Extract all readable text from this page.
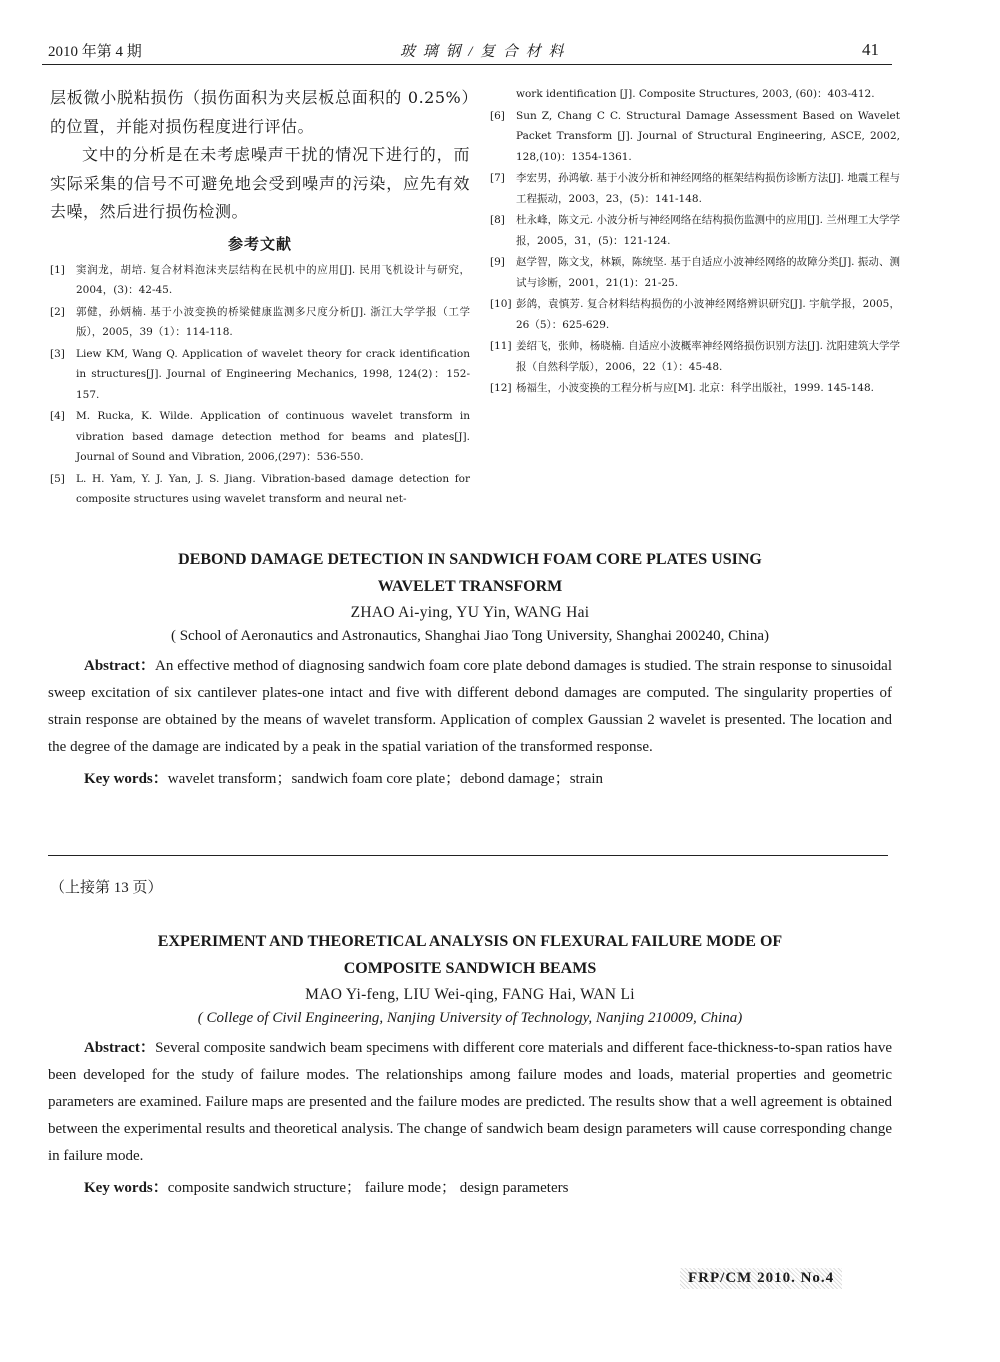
2010 年第 4 期	玻 璃 钢 / 复 合 材 料	41

层板微小脱粘损伤（损伤面积为夹层板总面积的 0.25%）的位置，并能对损伤程度进行评估。

文中的分析是在未考虑噪声干扰的情况下进行的，而实际采集的信号不可避免地会受到噪声的污染，应先有效去噪，然后进行损伤检测。

参考文献

[1] 窦润龙，胡培. 复合材料泡沫夹层结构在民机中的应用[J]. 民用飞机设计与研究，2004，(3)：42-45.

[2] 郭健，孙炳楠. 基于小波变换的桥梁健康监测多尺度分析[J]. 浙江大学学报（工学版），2005，39（1）：114-118.

[3] Liew KM, Wang Q. Application of wavelet theory for crack identification in structures[J]. Journal of Engineering Mechanics, 1998, 124(2)：152-157.

[4] M. Rucka, K. Wilde. Application of continuous wavelet transform in vibration based damage detection method for beams and plates[J]. Journal of Sound and Vibration, 2006,(297)：536-550.

[5] L. H. Yam, Y. J. Yan, J. S. Jiang. Vibration-based damage detection for composite structures using wavelet transform and neural net-

work identification [J]. Composite Structures, 2003, (60)：403-412.

[6] Sun Z, Chang C C. Structural Damage Assessment Based on Wavelet Packet Transform [J]. Journal of Structural Engineering, ASCE, 2002, 128,(10)：1354-1361.

[7] 李宏男，孙鸿敏. 基于小波分析和神经网络的框架结构损伤诊断方法[J]. 地震工程与工程振动，2003，23，(5)：141-148.

[8] 杜永峰，陈文元. 小波分析与神经网络在结构损伤监测中的应用[J]. 兰州理工大学学报，2005，31，(5)：121-124.

[9] 赵学智，陈文戈，林颖，陈统坚. 基于自适应小波神经网络的故障分类[J]. 振动、测试与诊断，2001，21(1)：21-25.

[10] 彭鸽，袁慎芳. 复合材料结构损伤的小波神经网络辨识研究[J]. 宇航学报，2005，26（5）：625-629.

[11] 姜绍飞，张帅，杨晓楠. 自适应小波概率神经网络损伤识别方法[J]. 沈阳建筑大学学报（自然科学版），2006，22（1）：45-48.

[12] 杨福生，小波变换的工程分析与应[M]. 北京：科学出版社，1999. 145-148.

DEBOND DAMAGE DETECTION IN SANDWICH FOAM CORE PLATES USING

WAVELET TRANSFORM

ZHAO Ai-ying, YU Yin, WANG Hai

( School of Aeronautics and Astronautics, Shanghai Jiao Tong University, Shanghai 200240, China)

Abstract：An effective method of diagnosing sandwich foam core plate debond damages is studied. The strain response to sinusoidal sweep excitation of six cantilever plates-one intact and five with different debond damages are computed. The singularity properties of strain response are obtained by the means of wavelet transform. Application of complex Gaussian 2 wavelet is presented. The location and the degree of the damage are indicated by a peak in the spatial variation of the transformed response.

Key words：wavelet transform；sandwich foam core plate；debond damage；strain

（上接第 13 页）

EXPERIMENT AND THEORETICAL ANALYSIS ON FLEXURAL FAILURE MODE OF

COMPOSITE SANDWICH BEAMS

MAO Yi-feng, LIU Wei-qing, FANG Hai, WAN Li

( College of Civil Engineering, Nanjing University of Technology, Nanjing 210009, China)

Abstract：Several composite sandwich beam specimens with different core materials and different face-thickness-to-span ratios have been developed for the study of failure modes. The relationships among failure modes and loads, material properties and geometric parameters are examined. Failure maps are presented and the failure modes are predicted. The results show that a well agreement is obtained between the experimental results and theoretical analysis. The change of sandwich beam design parameters will cause corresponding change in failure mode.

Key words：composite sandwich structure； failure mode； design parameters

FRP/CM 2010. No.4
